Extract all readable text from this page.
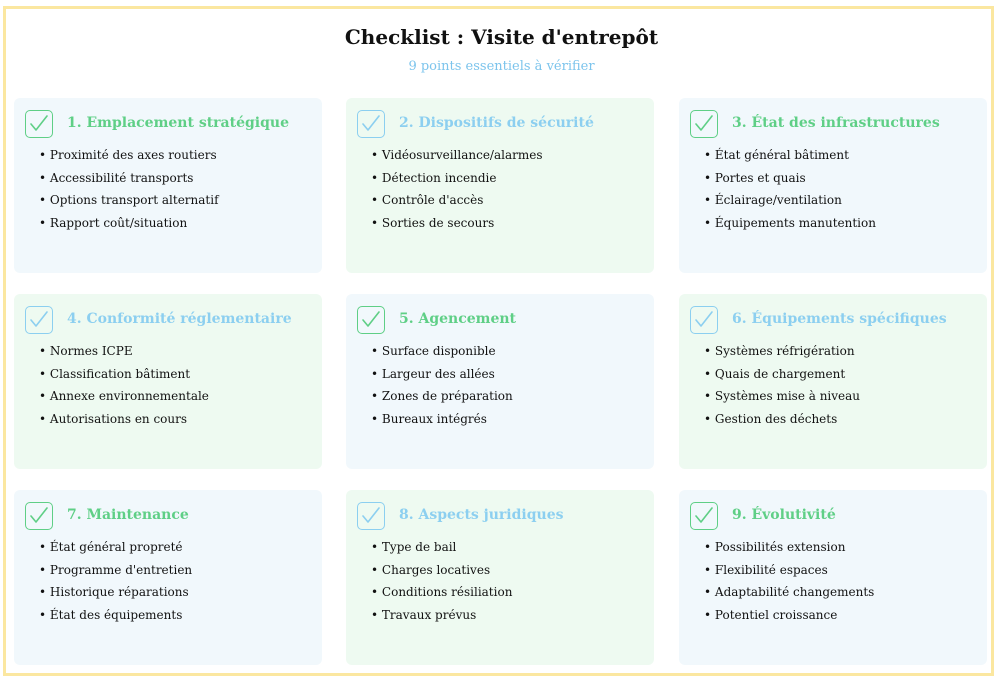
Checklist : Visite d'entrepôt
9 points essentiels à vérifier
1. Emplacement stratégique
• Proximité des axes routiers
• Accessibilité transports
• Options transport alternatif
• Rapport coût/situation
2. Dispositifs de sécurité
• Vidéosurveillance/alarmes
• Détection incendie
• Contrôle d'accès
• Sorties de secours
3. État des infrastructures
• État général bâtiment
• Portes et quais
• Éclairage/ventilation
• Équipements manutention
4. Conformité réglementaire
• Normes ICPE
• Classification bâtiment
• Annexe environnementale
• Autorisations en cours
5. Agencement
• Surface disponible
• Largeur des allées
• Zones de préparation
• Bureaux intégrés
6. Équipements spécifiques
• Systèmes réfrigération
• Quais de chargement
• Systèmes mise à niveau
• Gestion des déchets
7. Maintenance
• État général propreté
• Programme d'entretien
• Historique réparations
• État des équipements
8. Aspects juridiques
• Type de bail
• Charges locatives
• Conditions résiliation
• Travaux prévus
9. Évolutivité
• Possibilités extension
• Flexibilité espaces
• Adaptabilité changements
• Potentiel croissance
